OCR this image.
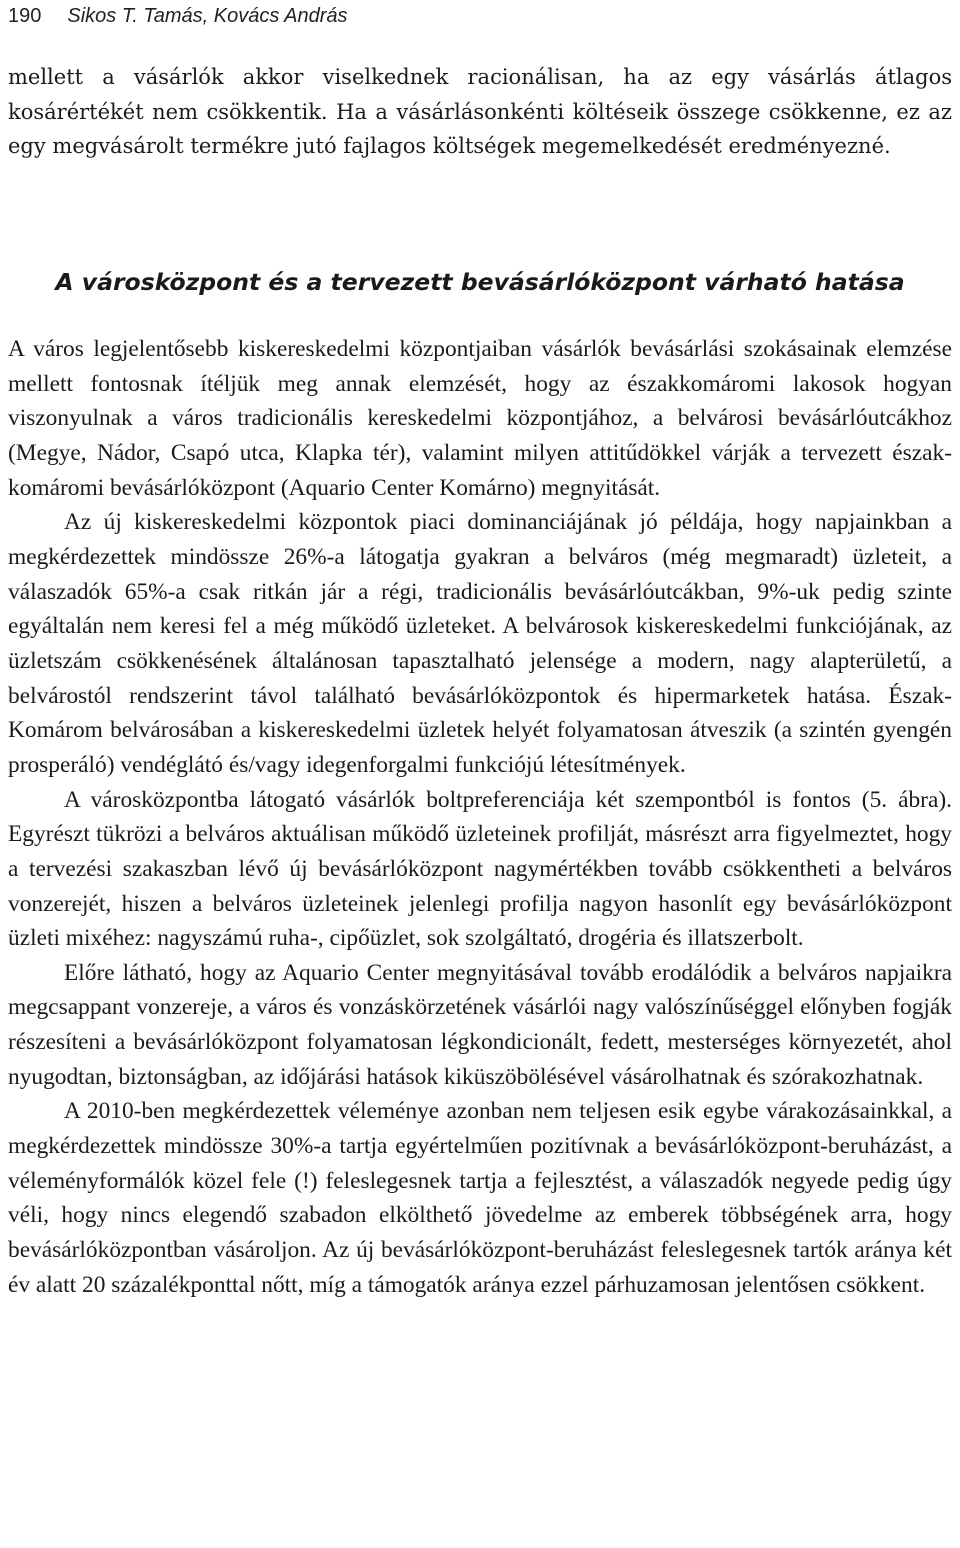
190 Sikos T. Tamás, Kovács András

mellett a vásárlók akkor viselkednek racionálisan, ha az egy vásárlás átlagos kosárértékét nem csökkentik. Ha a vásárlásonkénti költéseik összege csökkenne, ez az egy megvásárolt termékre jutó fajlagos költségek megemelkedését eredményezné.

A városközpont és a tervezett bevásárlóközpont várható hatása

A város legjelentősebb kiskereskedelmi központjaiban vásárlók bevásárlási szokásainak elemzése mellett fontosnak ítéljük meg annak elemzését, hogy az északkomáromi lakosok hogyan viszonyulnak a város tradicionális kereskedelmi központjához, a belvárosi bevásárlóutcákhoz (Megye, Nádor, Csapó utca, Klapka tér), valamint milyen attitűdökkel várják a tervezett észak-komáromi bevásárlóközpont (Aquario Center Komárno) megnyitását.

Az új kiskereskedelmi központok piaci dominanciájának jó példája, hogy napjainkban a megkérdezettek mindössze 26%-a látogatja gyakran a belváros (még megmaradt) üzleteit, a válaszadók 65%-a csak ritkán jár a régi, tradicionális bevásárlóutcákban, 9%-uk pedig szinte egyáltalán nem keresi fel a még működő üzleteket. A belvárosok kiskereskedelmi funkciójának, az üzletszám csökkenésének általánosan tapasztalható jelensége a modern, nagy alapterületű, a belvárostól rendszerint távol található bevásárlóközpontok és hipermarketek hatása. Észak-Komárom belvárosában a kiskereskedelmi üzletek helyét folyamatosan átveszik (a szintén gyengén prosperáló) vendéglátó és/vagy idegenforgalmi funkciójú létesítmények.

A városközpontba látogató vásárlók boltpreferenciája két szempontból is fontos (5. ábra). Egyrészt tükrözi a belváros aktuálisan működő üzleteinek profilját, másrészt arra figyelmeztet, hogy a tervezési szakaszban lévő új bevásárlóközpont nagymértékben tovább csökkentheti a belváros vonzerejét, hiszen a belváros üzleteinek jelenlegi profilja nagyon hasonlít egy bevásárlóközpont üzleti mixéhez: nagyszámú ruha-, cipőüzlet, sok szolgáltató, drogéria és illatszerbolt.

Előre látható, hogy az Aquario Center megnyitásával tovább erodálódik a belváros napjaikra megcsappant vonzereje, a város és vonzáskörzetének vásárlói nagy valószínűséggel előnyben fogják részesíteni a bevásárlóközpont folyamatosan légkondicionált, fedett, mesterséges környezetét, ahol nyugodtan, biztonságban, az időjárási hatások kiküszöbölésével vásárolhatnak és szórakozhatnak.

A 2010-ben megkérdezettek véleménye azonban nem teljesen esik egybe várakozásainkkal, a megkérdezettek mindössze 30%-a tartja egyértelműen pozitívnak a bevásárlóközpont-beruházást, a véleményformálók közel fele (!) feleslegesnek tartja a fejlesztést, a válaszadók negyede pedig úgy véli, hogy nincs elegendő szabadon elkölthető jövedelme az emberek többségének arra, hogy bevásárlóközpontban vásároljon. Az új bevásárlóközpont-beruházást feleslegesnek tartók aránya két év alatt 20 százalékponttal nőtt, míg a támogatók aránya ezzel párhuzamosan jelentősen csökkent.
